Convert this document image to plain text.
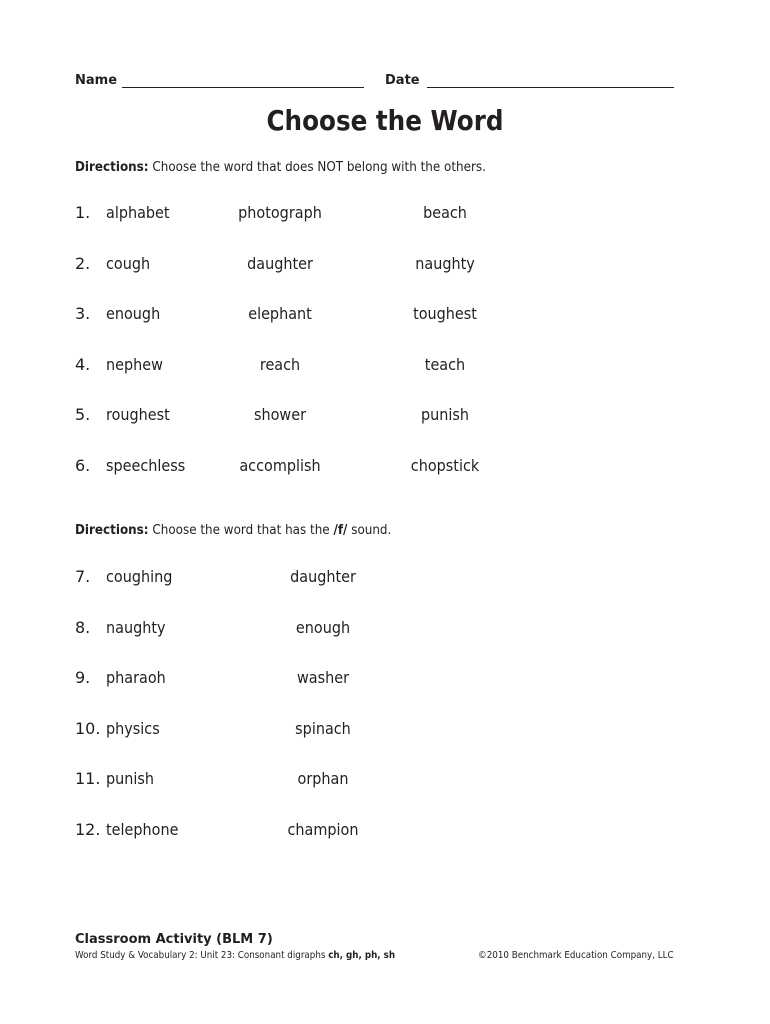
Name	Date
Choose the Word
Directions: Choose the word that does NOT belong with the others.
1. alphabet	photograph	beach
2. cough	daughter	naughty
3. enough	elephant	toughest
4. nephew	reach	teach
5. roughest	shower	punish
6. speechless	accomplish	chopstick
Directions: Choose the word that has the /f/ sound.
7. coughing	daughter
8. naughty	enough
9. pharaoh	washer
10. physics	spinach
11. punish	orphan
12. telephone	champion
Classroom Activity (BLM 7)
Word Study & Vocabulary 2: Unit 23: Consonant digraphs ch, gh, ph, sh	©2010 Benchmark Education Company, LLC
